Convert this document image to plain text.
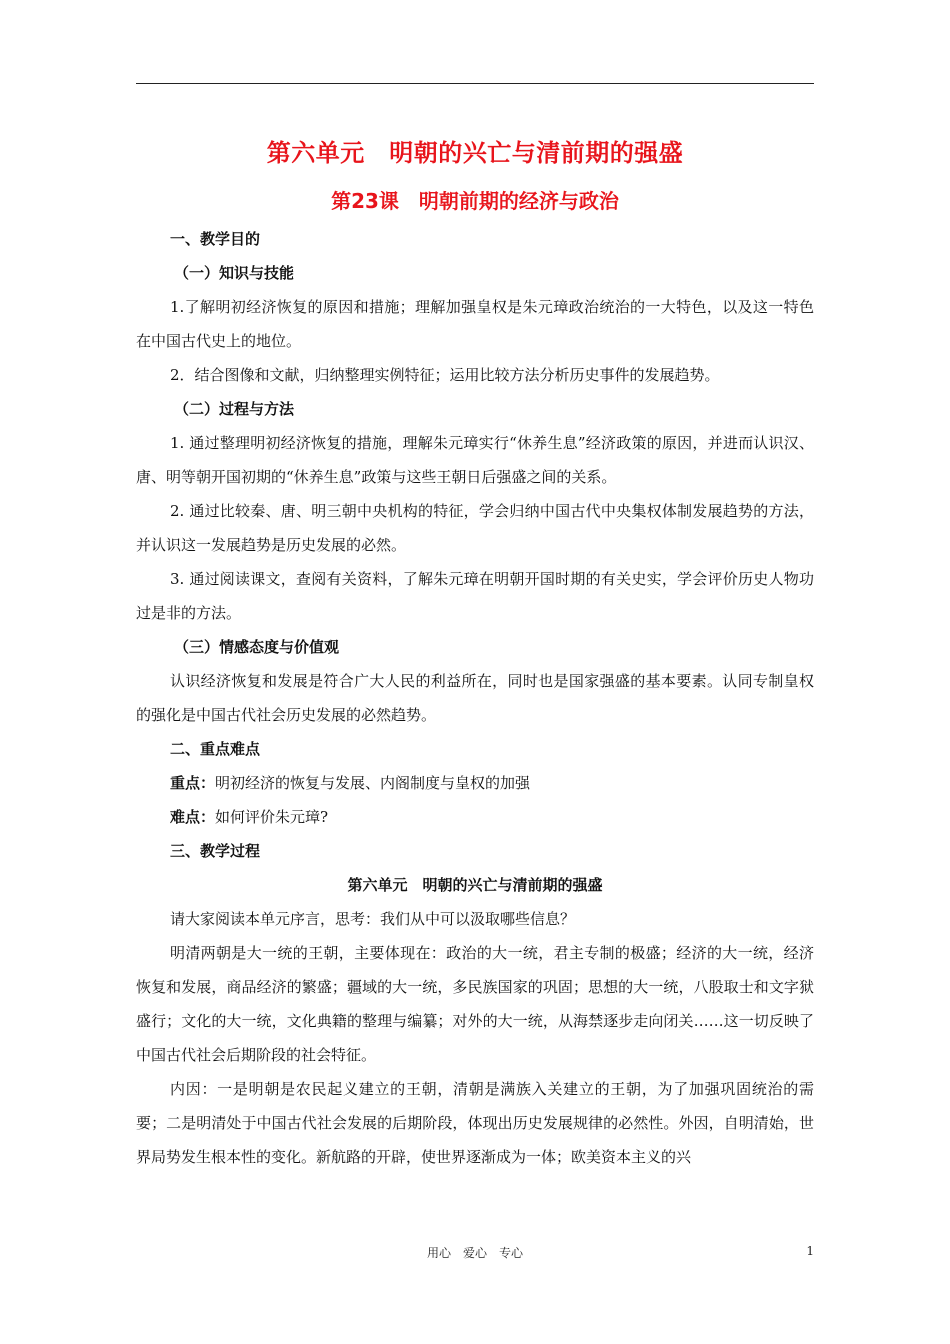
第六单元　明朝的兴亡与清前期的强盛
第23课　明朝前期的经济与政治

一、教学目的

（一）知识与技能

1.了解明初经济恢复的原因和措施；理解加强皇权是朱元璋政治统治的一大特色，以及这一特色在中国古代史上的地位。

2．结合图像和文献，归纳整理实例特征；运用比较方法分析历史事件的发展趋势。

（二）过程与方法

1. 通过整理明初经济恢复的措施，理解朱元璋实行“休养生息”经济政策的原因，并进而认识汉、唐、明等朝开国初期的“休养生息”政策与这些王朝日后强盛之间的关系。

2. 通过比较秦、唐、明三朝中央机构的特征，学会归纳中国古代中央集权体制发展趋势的方法，并认识这一发展趋势是历史发展的必然。

3. 通过阅读课文，查阅有关资料，了解朱元璋在明朝开国时期的有关史实，学会评价历史人物功过是非的方法。

（三）情感态度与价值观

认识经济恢复和发展是符合广大人民的利益所在，同时也是国家强盛的基本要素。认同专制皇权的强化是中国古代社会历史发展的必然趋势。

二、重点难点

重点：明初经济的恢复与发展、内阁制度与皇权的加强

难点：如何评价朱元璋?

三、教学过程

第六单元　明朝的兴亡与清前期的强盛

请大家阅读本单元序言，思考：我们从中可以汲取哪些信息？

明清两朝是大一统的王朝，主要体现在：政治的大一统，君主专制的极盛；经济的大一统，经济恢复和发展，商品经济的繁盛；疆域的大一统，多民族国家的巩固；思想的大一统，八股取士和文字狱盛行；文化的大一统，文化典籍的整理与编纂；对外的大一统，从海禁逐步走向闭关……这一切反映了中国古代社会后期阶段的社会特征。

内因：一是明朝是农民起义建立的王朝，清朝是满族入关建立的王朝，为了加强巩固统治的需要；二是明清处于中国古代社会发展的后期阶段，体现出历史发展规律的必然性。外因，自明清始，世界局势发生根本性的变化。新航路的开辟，使世界逐渐成为一体；欧美资本主义的兴

用心　爱心　专心	1
